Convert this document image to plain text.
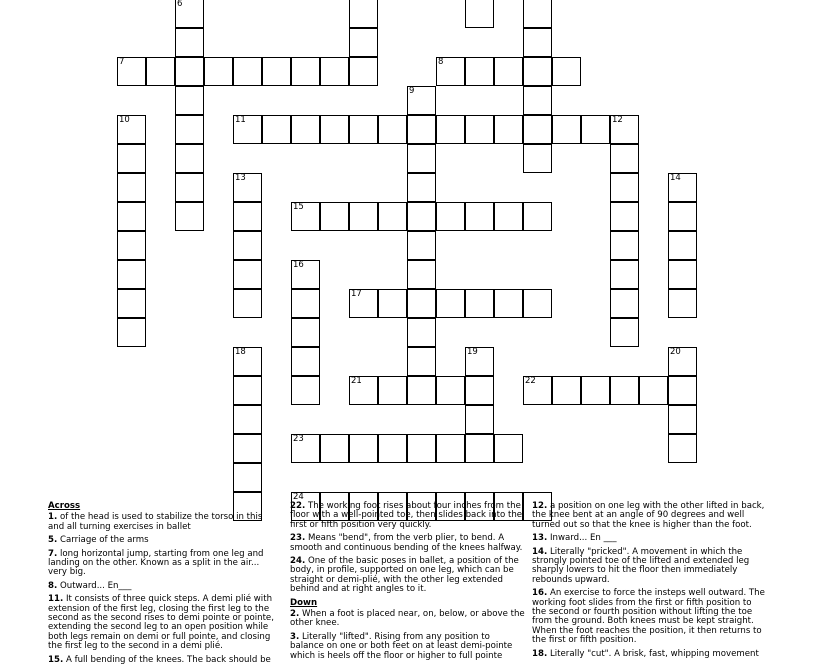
7	8
11
15
17
21	22
23
24
6
9
10	12
13	14
16
18	19	20

Across

1. of the head is used to stabilize the torso in this and all turning exercises in ballet

5. Carriage of the arms

7. long horizontal jump, starting from one leg and landing on the other. Known as a split in the air... very big.

8. Outward... En___

11. It consists of three quick steps. A demi plié with extension of the first leg, closing the first leg to the second as the second rises to demi pointe or pointe, extending the second leg to an open position while both legs remain on demi or full pointe, and closing the first leg to the second in a demi plié.

15. A full bending of the knees. The back should be

22. The working foot rises about four inches from the floor with a well-pointed toe, then slides back into the first or fifth position very quickly.

23. Means "bend", from the verb plier, to bend. A smooth and continuous bending of the knees halfway.

24. One of the basic poses in ballet, a position of the body, in profile, supported on one leg, which can be straight or demi-plié, with the other leg extended behind and at right angles to it.

Down

2. When a foot is placed near, on, below, or above the other knee.

3. Literally "lifted". Rising from any position to balance on one or both feet on at least demi-pointe which is heels off the floor or higher to full pointe

12. a position on one leg with the other lifted in back, the knee bent at an angle of 90 degrees and well turned out so that the knee is higher than the foot.

13. Inward... En ___

14. Literally "pricked". A movement in which the strongly pointed toe of the lifted and extended leg sharply lowers to hit the floor then immediately rebounds upward.

16. An exercise to force the insteps well outward. The working foot slides from the first or fifth position to the second or fourth position without lifting the toe from the ground. Both knees must be kept straight. When the foot reaches the position, it then returns to the first or fifth position.

18. Literally "cut". A brisk, fast, whipping movement
